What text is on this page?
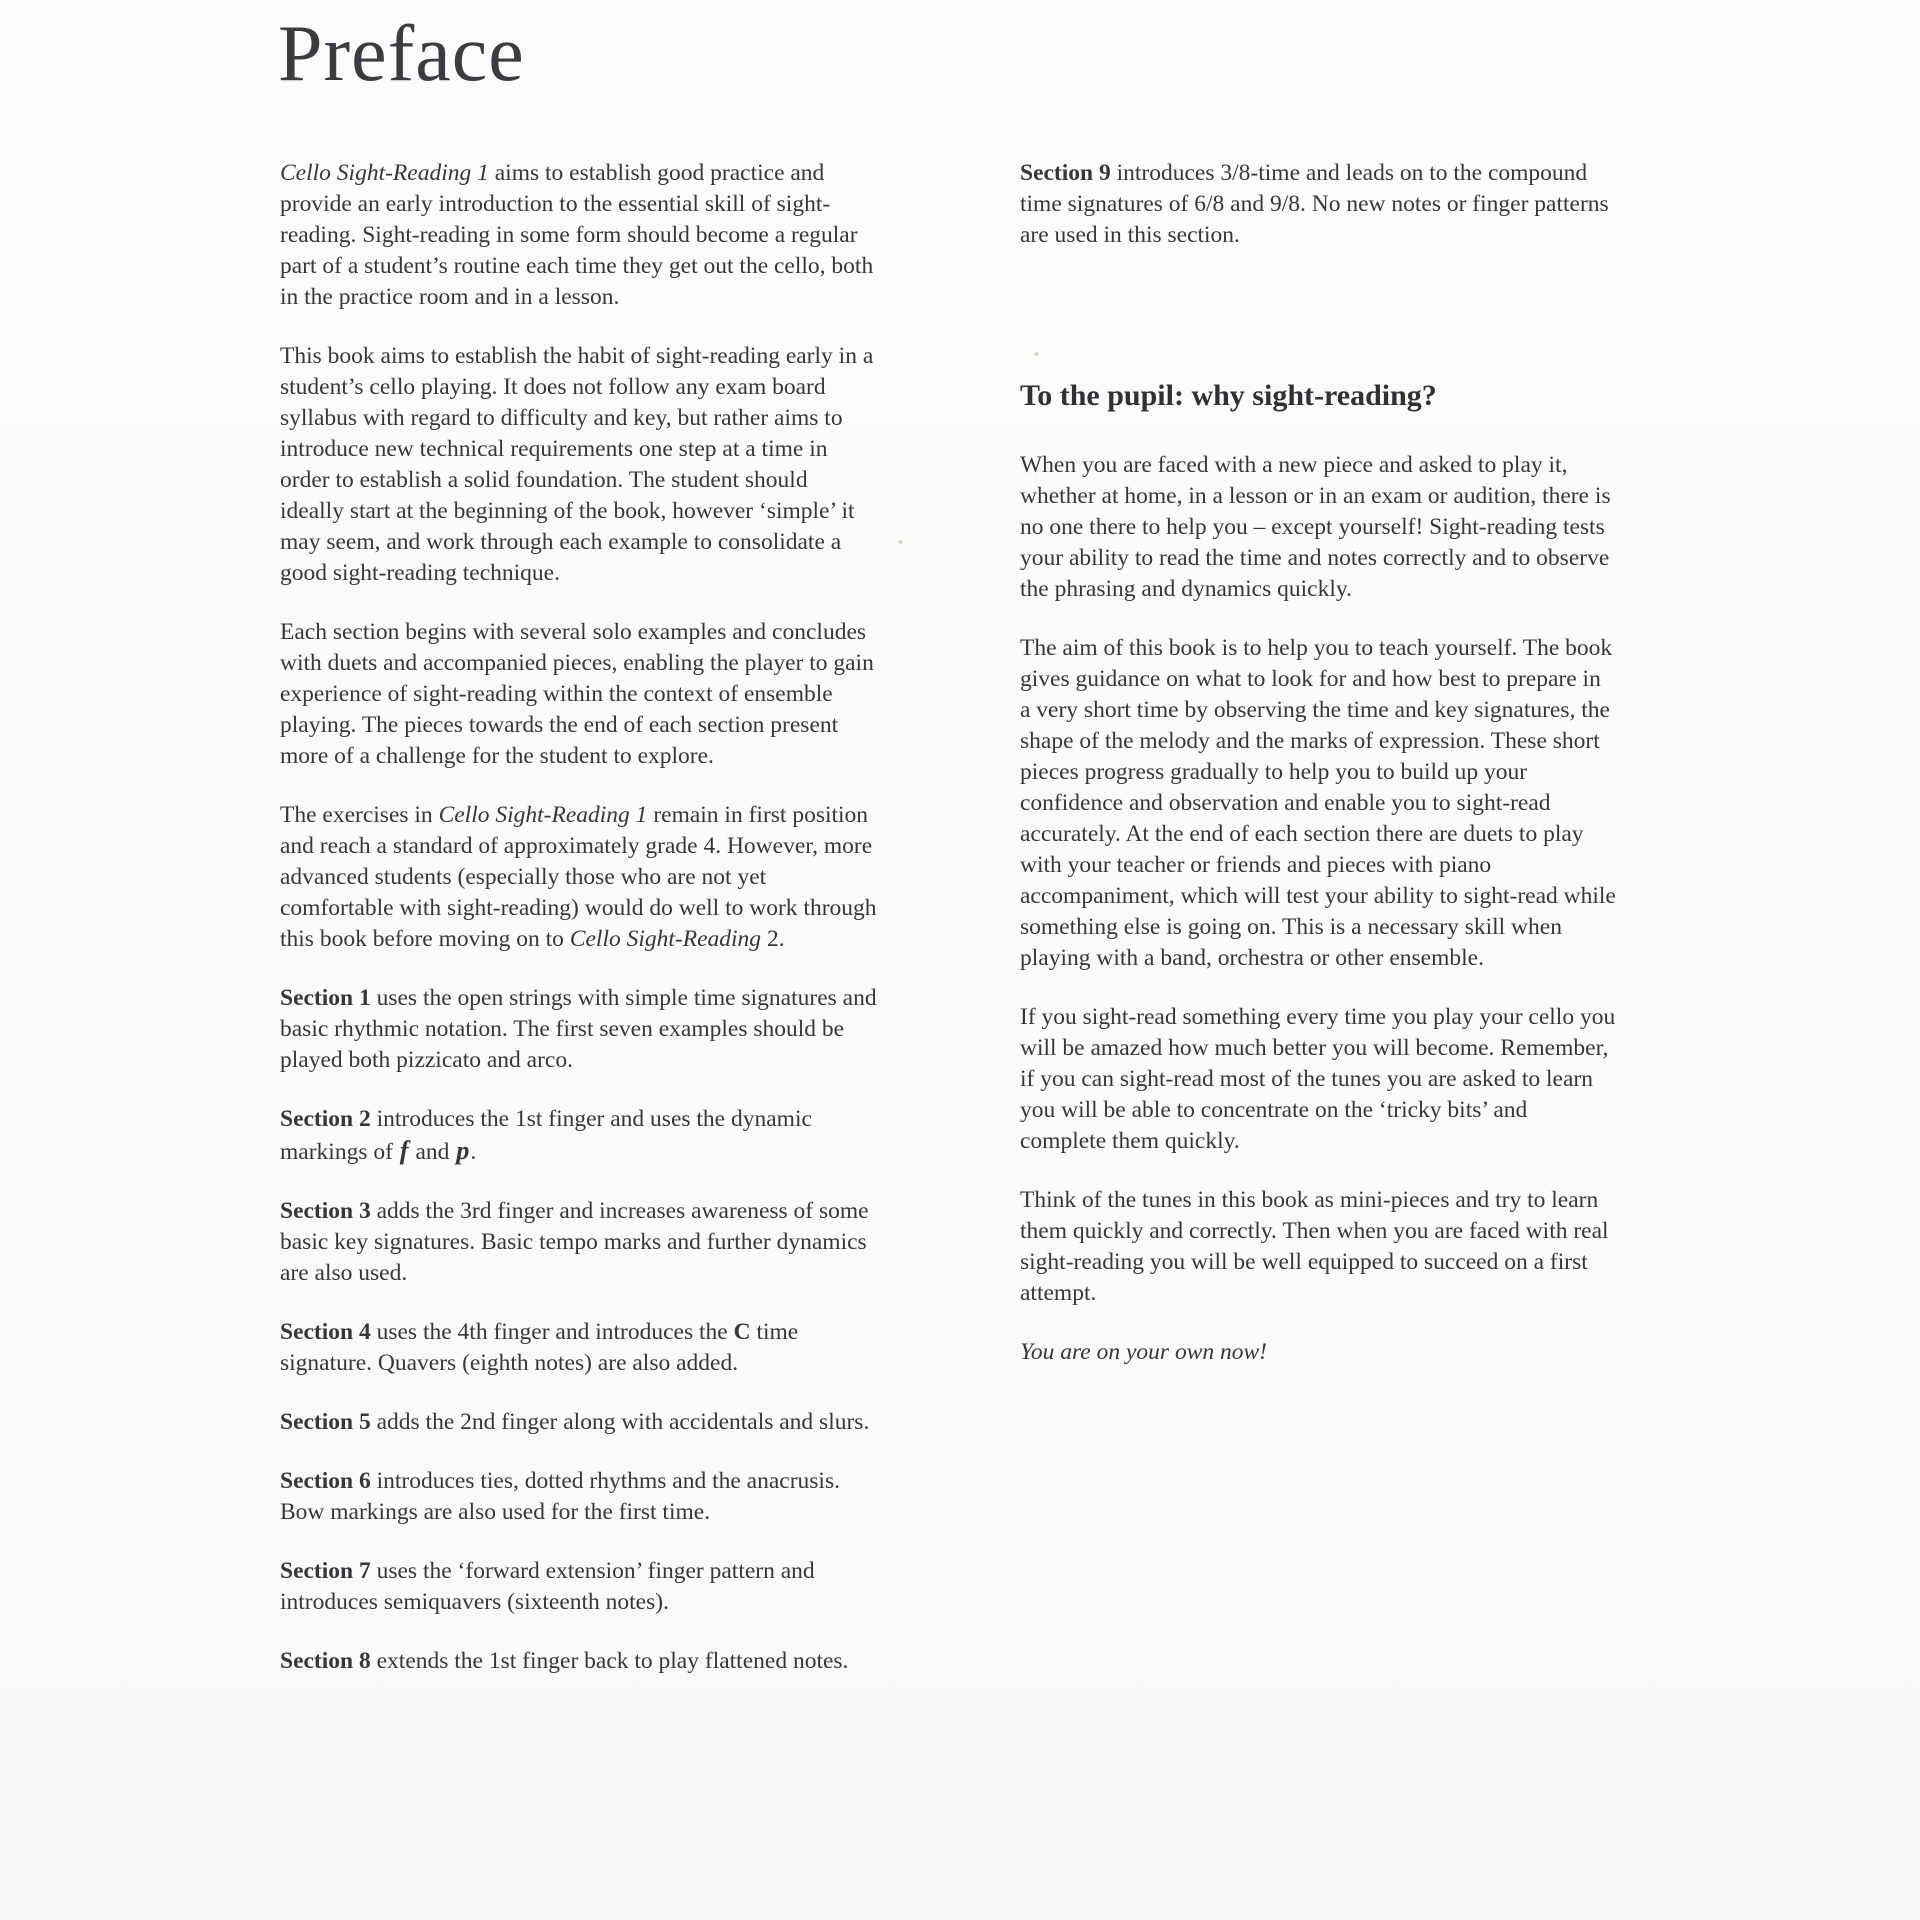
Preface

Cello Sight-Reading 1 aims to establish good practice and provide an early introduction to the essential skill of sight-reading. Sight-reading in some form should become a regular part of a student’s routine each time they get out the cello, both in the practice room and in a lesson.

This book aims to establish the habit of sight-reading early in a student’s cello playing. It does not follow any exam board syllabus with regard to difficulty and key, but rather aims to introduce new technical requirements one step at a time in order to establish a solid foundation. The student should ideally start at the beginning of the book, however ‘simple’ it may seem, and work through each example to consolidate a good sight-reading technique.

Each section begins with several solo examples and concludes with duets and accompanied pieces, enabling the player to gain experience of sight-reading within the context of ensemble playing. The pieces towards the end of each section present more of a challenge for the student to explore.

The exercises in Cello Sight-Reading 1 remain in first position and reach a standard of approximately grade 4. However, more advanced students (especially those who are not yet comfortable with sight-reading) would do well to work through this book before moving on to Cello Sight-Reading 2.

Section 1 uses the open strings with simple time signatures and basic rhythmic notation. The first seven examples should be played both pizzicato and arco.

Section 2 introduces the 1st finger and uses the dynamic markings of f and p.

Section 3 adds the 3rd finger and increases awareness of some basic key signatures. Basic tempo marks and further dynamics are also used.

Section 4 uses the 4th finger and introduces the C time signature. Quavers (eighth notes) are also added.

Section 5 adds the 2nd finger along with accidentals and slurs.

Section 6 introduces ties, dotted rhythms and the anacrusis. Bow markings are also used for the first time.

Section 7 uses the ‘forward extension’ finger pattern and introduces semiquavers (sixteenth notes).

Section 8 extends the 1st finger back to play flattened notes.

Section 9 introduces 3/8-time and leads on to the compound time signatures of 6/8 and 9/8. No new notes or finger patterns are used in this section.

To the pupil: why sight-reading?

When you are faced with a new piece and asked to play it, whether at home, in a lesson or in an exam or audition, there is no one there to help you – except yourself! Sight-reading tests your ability to read the time and notes correctly and to observe the phrasing and dynamics quickly.

The aim of this book is to help you to teach yourself. The book gives guidance on what to look for and how best to prepare in a very short time by observing the time and key signatures, the shape of the melody and the marks of expression. These short pieces progress gradually to help you to build up your confidence and observation and enable you to sight-read accurately. At the end of each section there are duets to play with your teacher or friends and pieces with piano accompaniment, which will test your ability to sight-read while something else is going on. This is a necessary skill when playing with a band, orchestra or other ensemble.

If you sight-read something every time you play your cello you will be amazed how much better you will become. Remember, if you can sight-read most of the tunes you are asked to learn you will be able to concentrate on the ‘tricky bits’ and complete them quickly.

Think of the tunes in this book as mini-pieces and try to learn them quickly and correctly. Then when you are faced with real sight-reading you will be well equipped to succeed on a first attempt.

You are on your own now!
